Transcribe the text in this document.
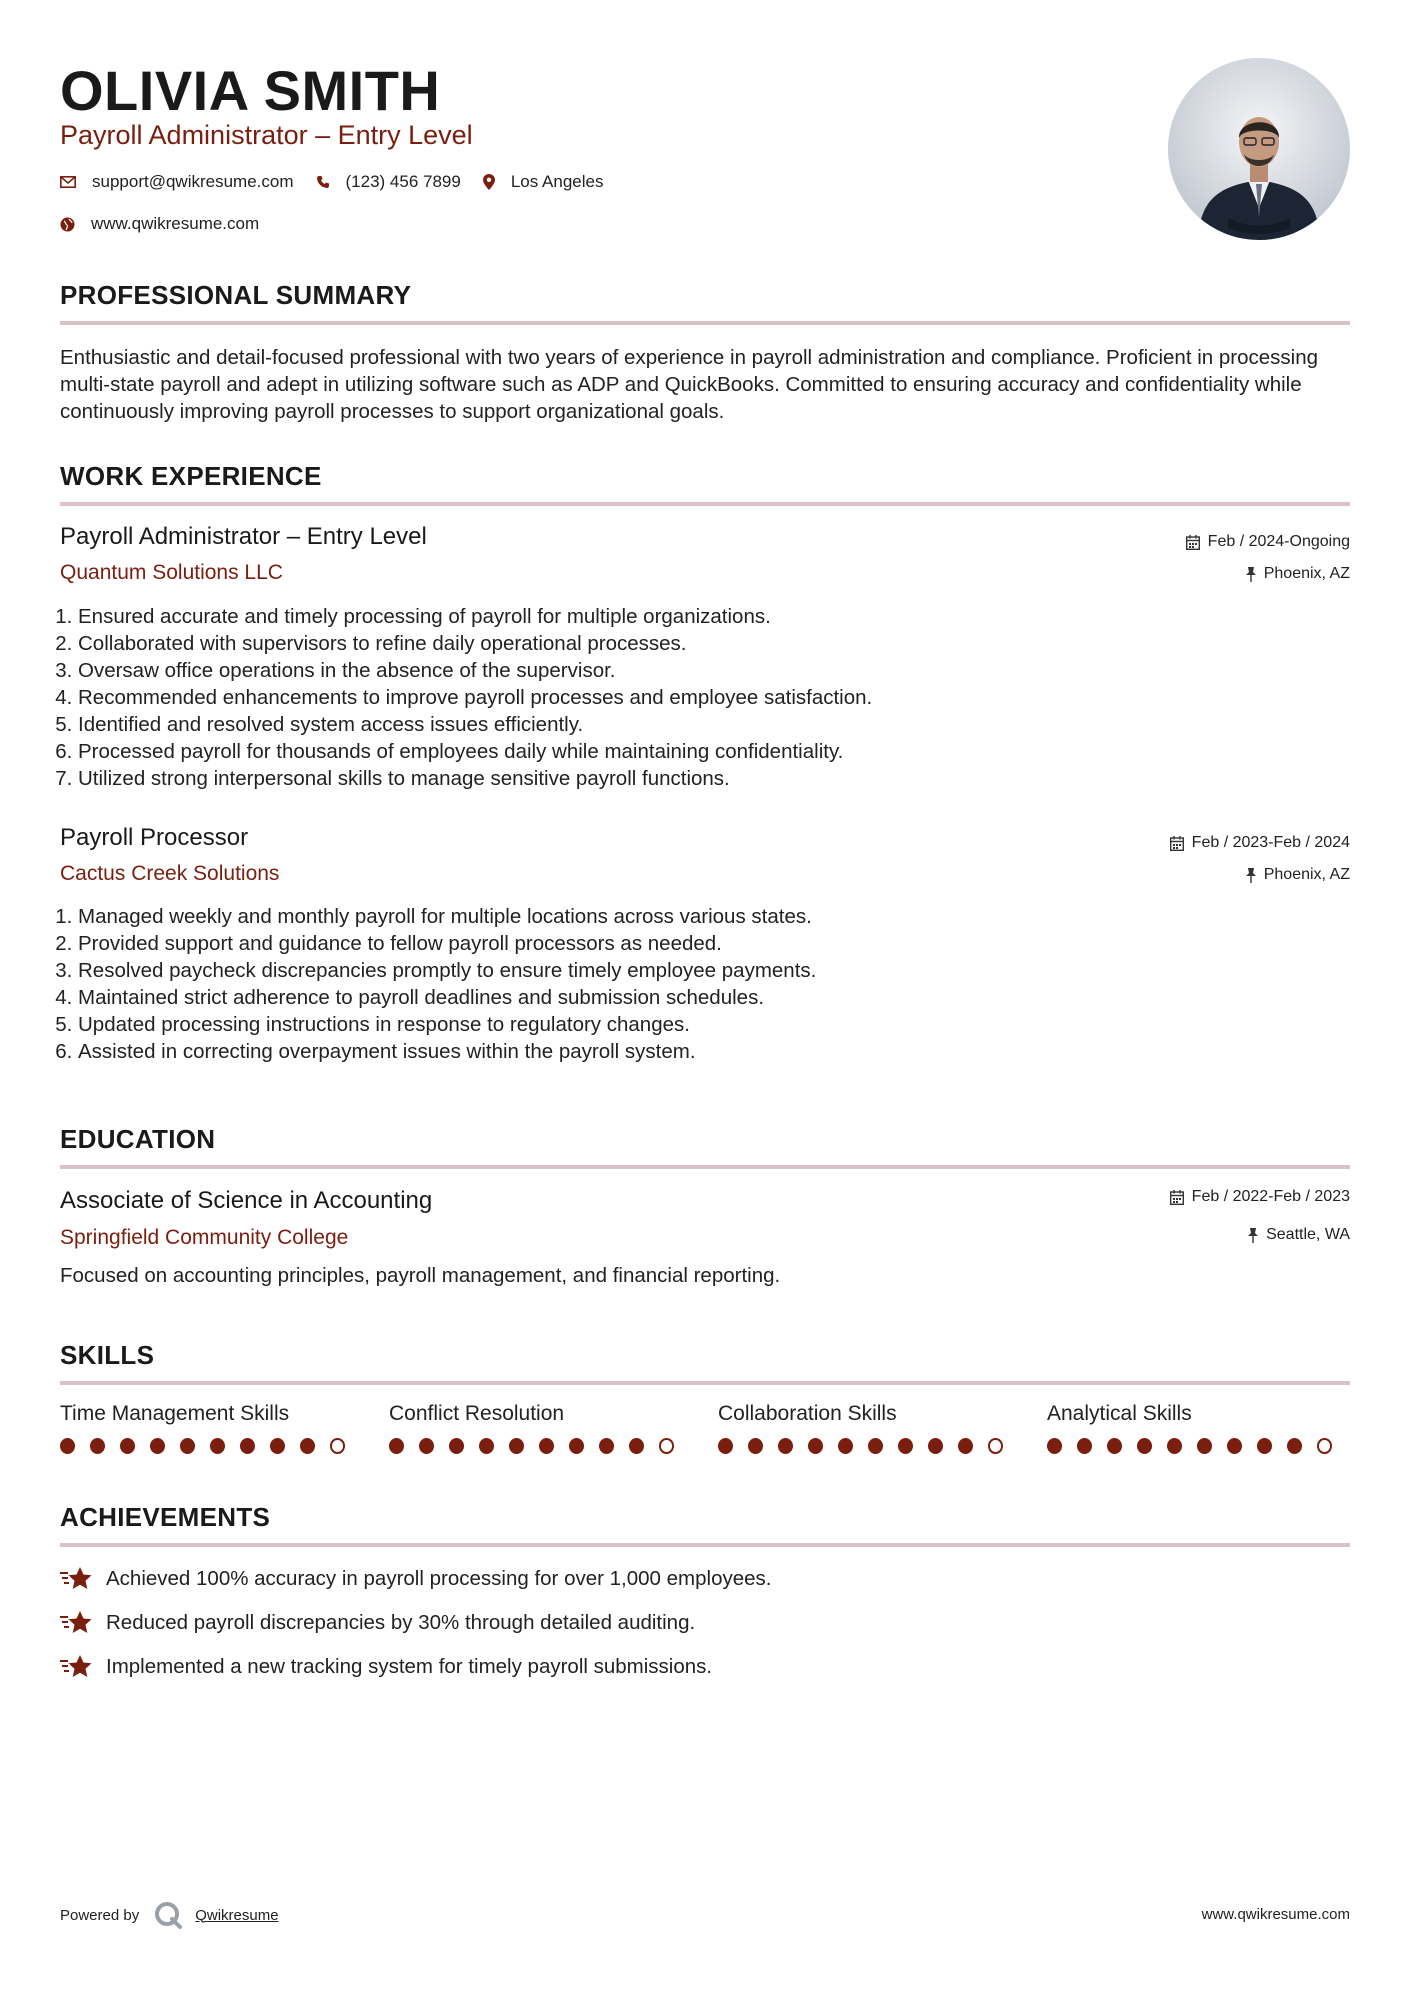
OLIVIA SMITH
Payroll Administrator – Entry Level
support@qwikresume.com	(123) 456 7899	Los Angeles
www.qwikresume.com
PROFESSIONAL SUMMARY
Enthusiastic and detail-focused professional with two years of experience in payroll administration and compliance. Proficient in processing multi-state payroll and adept in utilizing software such as ADP and QuickBooks. Committed to ensuring accuracy and confidentiality while continuously improving payroll processes to support organizational goals.
WORK EXPERIENCE
Payroll Administrator – Entry Level
Quantum Solutions LLC
Feb / 2024-Ongoing
Phoenix, AZ
1. Ensured accurate and timely processing of payroll for multiple organizations.
2. Collaborated with supervisors to refine daily operational processes.
3. Oversaw office operations in the absence of the supervisor.
4. Recommended enhancements to improve payroll processes and employee satisfaction.
5. Identified and resolved system access issues efficiently.
6. Processed payroll for thousands of employees daily while maintaining confidentiality.
7. Utilized strong interpersonal skills to manage sensitive payroll functions.
Payroll Processor
Cactus Creek Solutions
Feb / 2023-Feb / 2024
Phoenix, AZ
1. Managed weekly and monthly payroll for multiple locations across various states.
2. Provided support and guidance to fellow payroll processors as needed.
3. Resolved paycheck discrepancies promptly to ensure timely employee payments.
4. Maintained strict adherence to payroll deadlines and submission schedules.
5. Updated processing instructions in response to regulatory changes.
6. Assisted in correcting overpayment issues within the payroll system.
EDUCATION
Associate of Science in Accounting
Springfield Community College
Feb / 2022-Feb / 2023
Seattle, WA
Focused on accounting principles, payroll management, and financial reporting.
SKILLS
Time Management Skills	Conflict Resolution	Collaboration Skills	Analytical Skills
ACHIEVEMENTS
Achieved 100% accuracy in payroll processing for over 1,000 employees.
Reduced payroll discrepancies by 30% through detailed auditing.
Implemented a new tracking system for timely payroll submissions.
Powered by	Qwikresume	www.qwikresume.com
